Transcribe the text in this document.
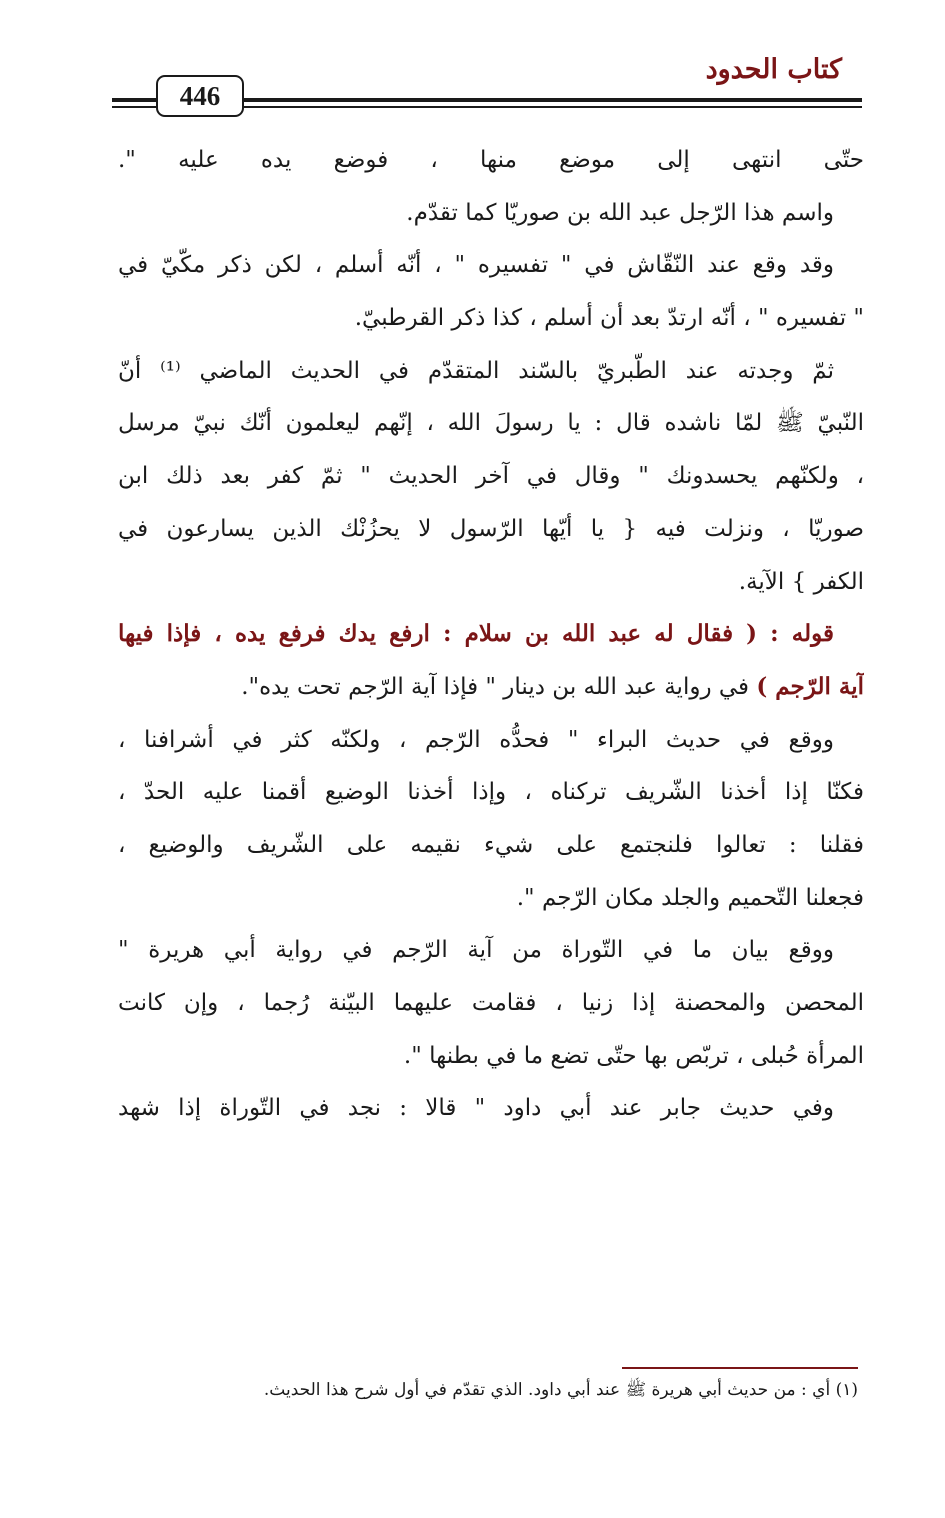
كتاب الحدود
446
حتّى انتهى إلى موضع منها ، فوضع يده عليه ".
واسم هذا الرّجل عبد الله بن صوريّا كما تقدّم.
وقد وقع عند النّقّاش في " تفسيره " ، أنّه أسلم ، لكن ذكر مكّيّ في
" تفسيره " ، أنّه ارتدّ بعد أن أسلم ، كذا ذكر القرطبيّ.
ثمّ وجدته عند الطّبريّ بالسّند المتقدّم في الحديث الماضي ⁽¹⁾ أنّ
النّبيّ ﷺ لمّا ناشده قال : يا رسولَ الله ، إنّهم ليعلمون أنّك نبيّ مرسل
، ولكنّهم يحسدونك " وقال في آخر الحديث " ثمّ كفر بعد ذلك ابن
صوريّا ، ونزلت فيه { يا أيّها الرّسول لا يحزُنْك الذين يسارعون في
الكفر } الآية.
قوله : ( فقال له عبد الله بن سلام : ارفع يدك فرفع يده ، فإذا فيها
آية الرّجم ) في رواية عبد الله بن دينار " فإذا آية الرّجم تحت يده".
ووقع في حديث البراء " فحدُّه الرّجم ، ولكنّه كثر في أشرافنا ،
فكنّا إذا أخذنا الشّريف تركناه ، وإذا أخذنا الوضيع أقمنا عليه الحدّ ،
فقلنا : تعالوا فلنجتمع على شيء نقيمه على الشّريف والوضيع ،
فجعلنا التّحميم والجلد مكان الرّجم ".
ووقع بيان ما في التّوراة من آية الرّجم في رواية أبي هريرة "
المحصن والمحصنة إذا زنيا ، فقامت عليهما البيّنة رُجما ، وإن كانت
المرأة حُبلى ، تربّص بها حتّى تضع ما في بطنها ".
وفي حديث جابر عند أبي داود " قالا : نجد في التّوراة إذا شهد
(١) أي : من حديث أبي هريرة ﷺ عند أبي داود. الذي تقدّم في أول شرح هذا الحديث.
